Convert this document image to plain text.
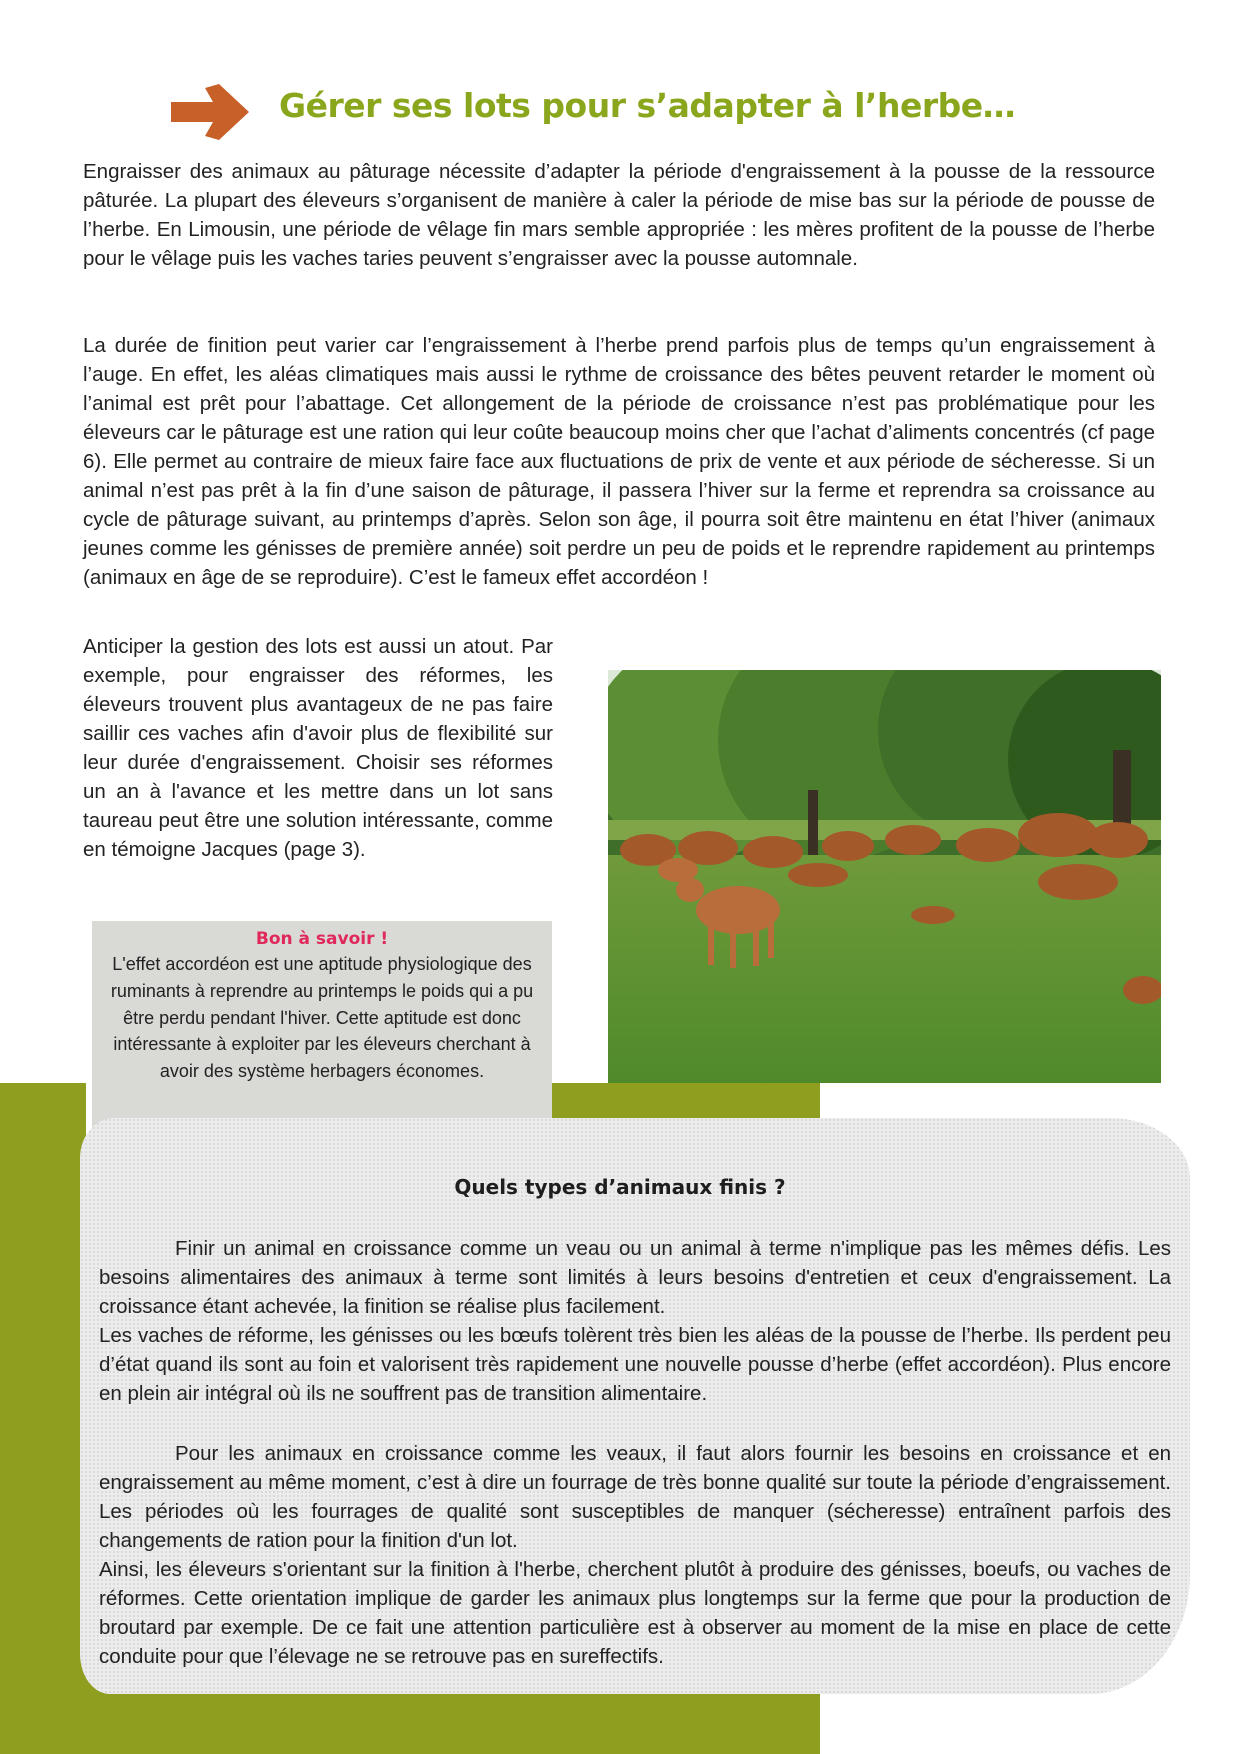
Gérer ses lots pour s’adapter à l’herbe…

Engraisser des animaux au pâturage nécessite d’adapter la période d'engraissement à la pousse de la ressource pâturée. La plupart des éleveurs s’organisent de manière à caler la période de mise bas sur la période de pousse de l’herbe. En Limousin, une période de vêlage fin mars semble appropriée : les mères profitent de la pousse de l’herbe pour le vêlage puis les vaches taries peuvent s’engraisser avec la pousse automnale.

La durée de finition peut varier car l’engraissement à l’herbe prend parfois plus de temps qu’un engraissement à l’auge. En effet, les aléas climatiques mais aussi le rythme de croissance des bêtes peuvent retarder le moment où l’animal est prêt pour l’abattage. Cet allongement de la période de croissance n’est pas problématique pour les éleveurs car le pâturage est une ration qui leur coûte beaucoup moins cher que l’achat d’aliments concentrés (cf page 6). Elle permet au contraire de mieux faire face aux fluctuations de prix de vente et aux période de sécheresse. Si un animal n’est pas prêt à la fin d’une saison de pâturage, il passera l’hiver sur la ferme et reprendra sa croissance au cycle de pâturage suivant, au printemps d’après. Selon son âge, il pourra soit être maintenu en état l’hiver (animaux jeunes comme les génisses de première année) soit perdre un peu de poids et le reprendre rapidement au printemps (animaux en âge de se reproduire). C’est le fameux effet accordéon !

Anticiper la gestion des lots est aussi un atout. Par exemple, pour engraisser des réformes, les éleveurs trouvent plus avantageux de ne pas faire saillir ces vaches afin d'avoir plus de flexibilité sur leur durée d'engraissement. Choisir ses réformes un an à l'avance et les mettre dans un lot sans taureau peut être une solution intéressante, comme en témoigne Jacques (page 3).

Bon à savoir !

L'effet accordéon est une aptitude physiologique des ruminants à reprendre au printemps le poids qui a pu être perdu pendant l'hiver. Cette aptitude est donc intéressante à exploiter par les éleveurs cherchant à avoir des système herbagers économes.

Quels types d’animaux finis ?
Finir un animal en croissance comme un veau ou un animal à terme n'implique pas les mêmes défis. Les besoins alimentaires des animaux à terme sont limités à leurs besoins d'entretien et ceux d'engraissement. La croissance étant achevée, la finition se réalise plus facilement.
Les vaches de réforme, les génisses ou les bœufs tolèrent très bien les aléas de la pousse de l’herbe. Ils perdent peu d’état quand ils sont au foin et valorisent très rapidement une nouvelle pousse d’herbe (effet accordéon). Plus encore en plein air intégral où ils ne souffrent pas de transition alimentaire.
Pour les animaux en croissance comme les veaux, il faut alors fournir les besoins en croissance et en engraissement au même moment, c’est à dire un fourrage de très bonne qualité sur toute la période d’engraissement. Les périodes où les fourrages de qualité sont susceptibles de manquer (sécheresse) entraînent parfois des changements de ration pour la finition d'un lot.
Ainsi, les éleveurs s'orientant sur la finition à l'herbe, cherchent plutôt à produire des génisses, boeufs, ou vaches de réformes. Cette orientation implique de garder les animaux plus longtemps sur la ferme que pour la production de broutard par exemple. De ce fait une attention particulière est à observer au moment de la mise en place de cette conduite pour que l’élevage ne se retrouve pas en sureffectifs.
